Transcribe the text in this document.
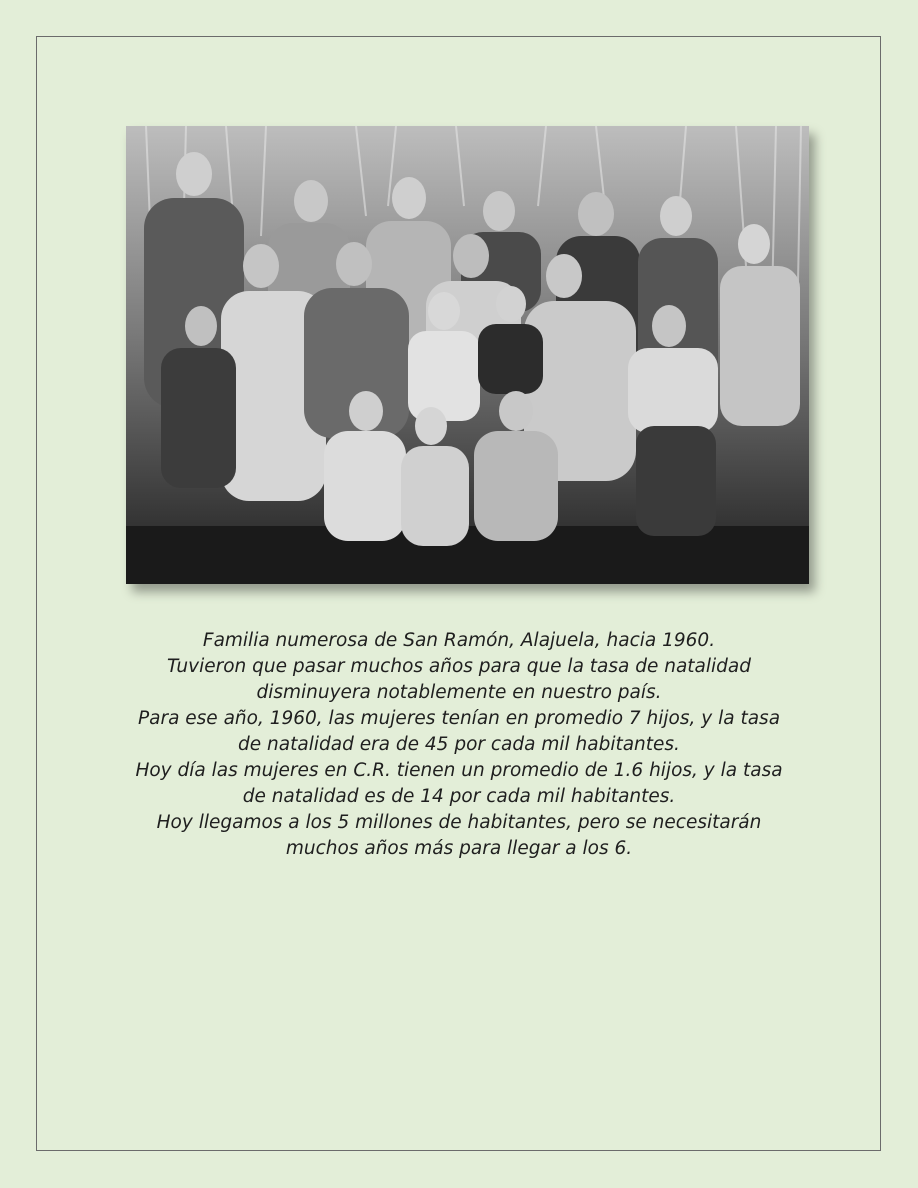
Familia numerosa de San Ramón, Alajuela, hacia 1960.
Tuvieron que pasar muchos años para que la tasa de natalidad
disminuyera notablemente en nuestro país.
Para ese año, 1960, las mujeres tenían en promedio 7 hijos, y la tasa
de natalidad era de 45 por cada mil habitantes.
Hoy día las mujeres en C.R. tienen un promedio de 1.6 hijos, y la tasa
de natalidad es de 14 por cada mil habitantes.
Hoy llegamos a los 5 millones de habitantes, pero se necesitarán
muchos años más para llegar a los 6.
